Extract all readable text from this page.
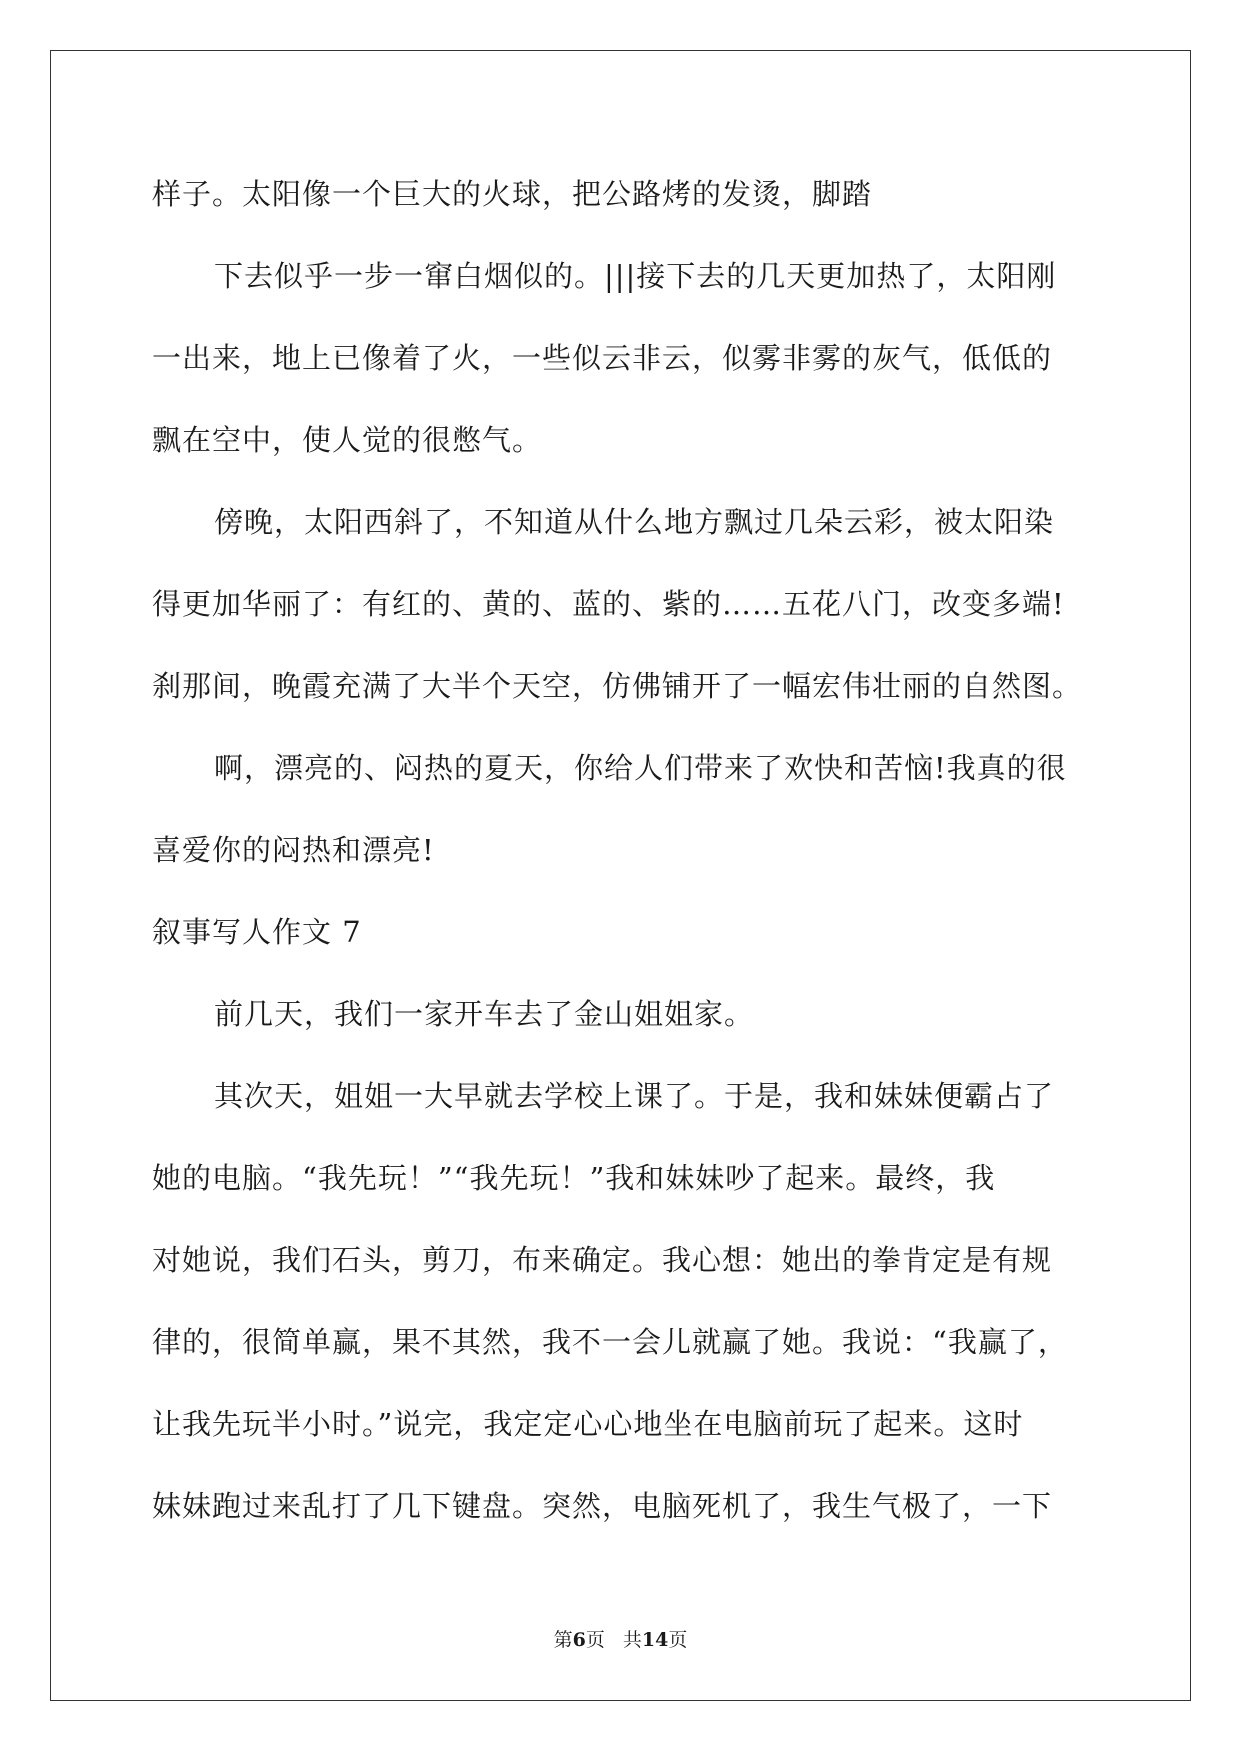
样子。太阳像一个巨大的火球，把公路烤的发烫，脚踏
下去似乎一步一窜白烟似的。|||接下去的几天更加热了，太阳刚
一出来，地上已像着了火，一些似云非云，似雾非雾的灰气，低低的
飘在空中，使人觉的很憋气。
傍晚，太阳西斜了，不知道从什么地方飘过几朵云彩，被太阳染
得更加华丽了：有红的、黄的、蓝的、紫的……五花八门，改变多端!
刹那间，晚霞充满了大半个天空，仿佛铺开了一幅宏伟壮丽的自然图。
啊，漂亮的、闷热的夏天，你给人们带来了欢快和苦恼!我真的很
喜爱你的闷热和漂亮!
叙事写人作文 7
前几天，我们一家开车去了金山姐姐家。
其次天，姐姐一大早就去学校上课了。于是，我和妹妹便霸占了
她的电脑。“我先玩！”“我先玩！”我和妹妹吵了起来。最终，我
对她说，我们石头，剪刀，布来确定。我心想：她出的拳肯定是有规
律的，很简单赢，果不其然，我不一会儿就赢了她。我说：“我赢了，
让我先玩半小时。”说完，我定定心心地坐在电脑前玩了起来。这时
妹妹跑过来乱打了几下键盘。突然，电脑死机了，我生气极了，一下
第6页 共14页
